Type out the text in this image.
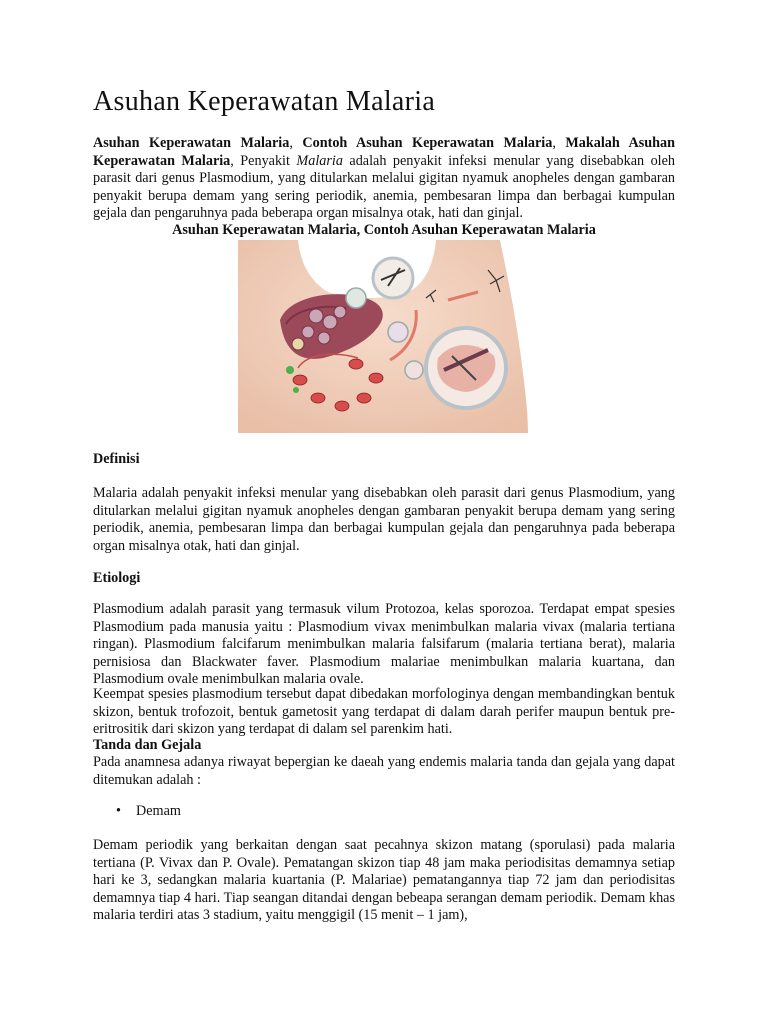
Asuhan Keperawatan Malaria

Asuhan Keperawatan Malaria, Contoh Asuhan Keperawatan Malaria, Makalah Asuhan Keperawatan Malaria, Penyakit Malaria adalah penyakit infeksi menular yang disebabkan oleh parasit dari genus Plasmodium, yang ditularkan melalui gigitan nyamuk anopheles dengan gambaran penyakit berupa demam yang sering periodik, anemia, pembesaran limpa dan berbagai kumpulan gejala dan pengaruhnya pada beberapa organ misalnya otak, hati dan ginjal.

Asuhan Keperawatan Malaria, Contoh Asuhan Keperawatan Malaria

Definisi

Malaria adalah penyakit infeksi menular yang disebabkan oleh parasit dari genus Plasmodium, yang ditularkan melalui gigitan nyamuk anopheles dengan gambaran penyakit berupa demam yang sering periodik, anemia, pembesaran limpa dan berbagai kumpulan gejala dan pengaruhnya pada beberapa organ misalnya otak, hati dan ginjal.

Etiologi

Plasmodium adalah parasit yang termasuk vilum Protozoa, kelas sporozoa. Terdapat empat spesies Plasmodium pada manusia yaitu : Plasmodium vivax menimbulkan malaria vivax (malaria tertiana ringan). Plasmodium falcifarum menimbulkan malaria falsifarum (malaria tertiana berat), malaria pernisiosa dan Blackwater faver. Plasmodium malariae menimbulkan malaria kuartana, dan Plasmodium ovale menimbulkan malaria ovale.

Keempat spesies plasmodium tersebut dapat dibedakan morfologinya dengan membandingkan bentuk skizon, bentuk trofozoit, bentuk gametosit yang terdapat di dalam darah perifer maupun bentuk pre-eritrositik dari skizon yang terdapat di dalam sel parenkim hati.

Tanda dan Gejala

Pada anamnesa adanya riwayat bepergian ke daeah yang endemis malaria tanda dan gejala yang dapat ditemukan adalah :

• Demam

Demam periodik yang berkaitan dengan saat pecahnya skizon matang (sporulasi) pada malaria tertiana (P. Vivax dan P. Ovale). Pematangan skizon tiap 48 jam maka periodisitas demamnya setiap hari ke 3, sedangkan malaria kuartania (P. Malariae) pematangannya tiap 72 jam dan periodisitas demamnya tiap 4 hari. Tiap seangan ditandai dengan bebeapa serangan demam periodik. Demam khas malaria terdiri atas 3 stadium, yaitu menggigil (15 menit – 1 jam),
